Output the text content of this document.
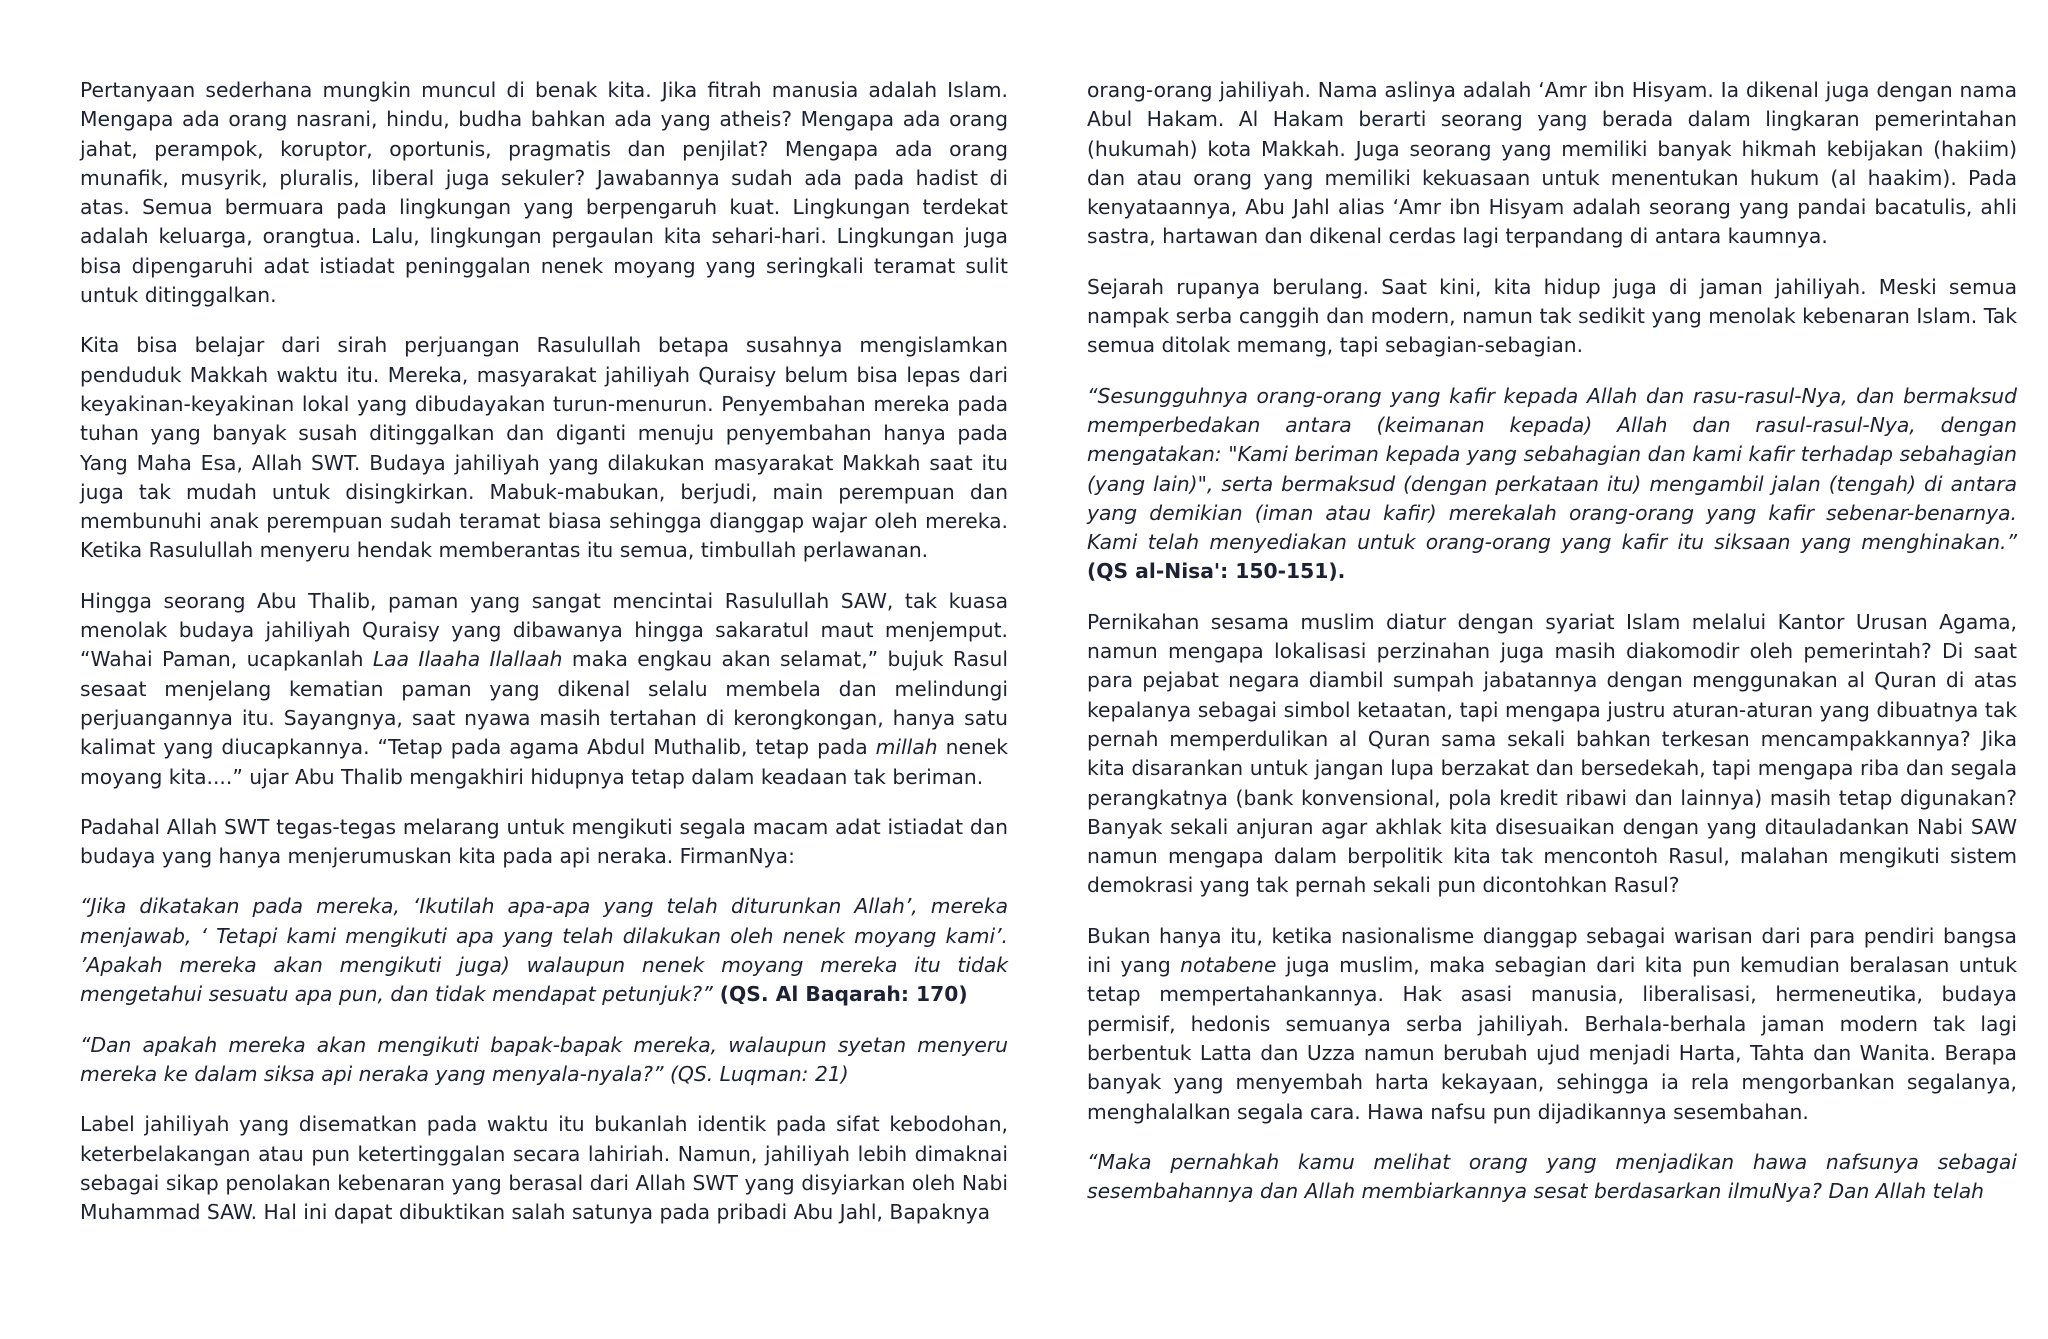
Pertanyaan sederhana mungkin muncul di benak kita. Jika fitrah manusia adalah Islam. Mengapa ada orang nasrani, hindu, budha bahkan ada yang atheis? Mengapa ada orang jahat, perampok, koruptor, oportunis, pragmatis dan penjilat? Mengapa ada orang munafik, musyrik, pluralis, liberal juga sekuler? Jawabannya sudah ada pada hadist di atas. Semua bermuara pada lingkungan yang berpengaruh kuat. Lingkungan terdekat adalah keluarga, orangtua. Lalu, lingkungan pergaulan kita sehari-hari. Lingkungan juga bisa dipengaruhi adat istiadat peninggalan nenek moyang yang seringkali teramat sulit untuk ditinggalkan.

Kita bisa belajar dari sirah perjuangan Rasulullah betapa susahnya mengislamkan penduduk Makkah waktu itu. Mereka, masyarakat jahiliyah Quraisy belum bisa lepas dari keyakinan-keyakinan lokal yang dibudayakan turun-menurun. Penyembahan mereka pada tuhan yang banyak susah ditinggalkan dan diganti menuju penyembahan hanya pada Yang Maha Esa, Allah SWT. Budaya jahiliyah yang dilakukan masyarakat Makkah saat itu juga tak mudah untuk disingkirkan. Mabuk-mabukan, berjudi, main perempuan dan membunuhi anak perempuan sudah teramat biasa sehingga dianggap wajar oleh mereka. Ketika Rasulullah menyeru hendak memberantas itu semua, timbullah perlawanan.

Hingga seorang Abu Thalib, paman yang sangat mencintai Rasulullah SAW, tak kuasa menolak budaya jahiliyah Quraisy yang dibawanya hingga sakaratul maut menjemput. “Wahai Paman, ucapkanlah Laa Ilaaha Ilallaah maka engkau akan selamat,” bujuk Rasul sesaat menjelang kematian paman yang dikenal selalu membela dan melindungi perjuangannya itu. Sayangnya, saat nyawa masih tertahan di kerongkongan, hanya satu kalimat yang diucapkannya. “Tetap pada agama Abdul Muthalib, tetap pada millah nenek moyang kita....” ujar Abu Thalib mengakhiri hidupnya tetap dalam keadaan tak beriman.

Padahal Allah SWT tegas-tegas melarang untuk mengikuti segala macam adat istiadat dan budaya yang hanya menjerumuskan kita pada api neraka. FirmanNya:

“Jika dikatakan pada mereka, ‘Ikutilah apa-apa yang telah diturunkan Allah’, mereka menjawab, ‘ Tetapi kami mengikuti apa yang telah dilakukan oleh nenek moyang kami’. ’Apakah mereka akan mengikuti juga) walaupun nenek moyang mereka itu tidak mengetahui sesuatu apa pun, dan tidak mendapat petunjuk?” (QS. Al Baqarah: 170)

“Dan apakah mereka akan mengikuti bapak-bapak mereka, walaupun syetan menyeru mereka ke dalam siksa api neraka yang menyala-nyala?” (QS. Luqman: 21)

Label jahiliyah yang disematkan pada waktu itu bukanlah identik pada sifat kebodohan, keterbelakangan atau pun ketertinggalan secara lahiriah. Namun, jahiliyah lebih dimaknai sebagai sikap penolakan kebenaran yang berasal dari Allah SWT yang disyiarkan oleh Nabi Muhammad SAW. Hal ini dapat dibuktikan salah satunya pada pribadi Abu Jahl, Bapaknya

orang-orang jahiliyah. Nama aslinya adalah ‘Amr ibn Hisyam. Ia dikenal juga dengan nama Abul Hakam. Al Hakam berarti seorang yang berada dalam lingkaran pemerintahan (hukumah) kota Makkah. Juga seorang yang memiliki banyak hikmah kebijakan (hakiim) dan atau orang yang memiliki kekuasaan untuk menentukan hukum (al haakim). Pada kenyataannya, Abu Jahl alias ‘Amr ibn Hisyam adalah seorang yang pandai bacatulis, ahli sastra, hartawan dan dikenal cerdas lagi terpandang di antara kaumnya.

Sejarah rupanya berulang. Saat kini, kita hidup juga di jaman jahiliyah. Meski semua nampak serba canggih dan modern, namun tak sedikit yang menolak kebenaran Islam. Tak semua ditolak memang, tapi sebagian-sebagian.

“Sesungguhnya orang-orang yang kafir kepada Allah dan rasu-rasul-Nya, dan bermaksud memperbedakan antara (keimanan kepada) Allah dan rasul-rasul-Nya, dengan mengatakan: "Kami beriman kepada yang sebahagian dan kami kafir terhadap sebahagian (yang lain)", serta bermaksud (dengan perkataan itu) mengambil jalan (tengah) di antara yang demikian (iman atau kafir) merekalah orang-orang yang kafir sebenar-benarnya. Kami telah menyediakan untuk orang-orang yang kafir itu siksaan yang menghinakan.” (QS al-Nisa': 150-151).

Pernikahan sesama muslim diatur dengan syariat Islam melalui Kantor Urusan Agama, namun mengapa lokalisasi perzinahan juga masih diakomodir oleh pemerintah? Di saat para pejabat negara diambil sumpah jabatannya dengan menggunakan al Quran di atas kepalanya sebagai simbol ketaatan, tapi mengapa justru aturan-aturan yang dibuatnya tak pernah memperdulikan al Quran sama sekali bahkan terkesan mencampakkannya? Jika kita disarankan untuk jangan lupa berzakat dan bersedekah, tapi mengapa riba dan segala perangkatnya (bank konvensional, pola kredit ribawi dan lainnya) masih tetap digunakan? Banyak sekali anjuran agar akhlak kita disesuaikan dengan yang ditauladankan Nabi SAW namun mengapa dalam berpolitik kita tak mencontoh Rasul, malahan mengikuti sistem demokrasi yang tak pernah sekali pun dicontohkan Rasul?

Bukan hanya itu, ketika nasionalisme dianggap sebagai warisan dari para pendiri bangsa ini yang notabene juga muslim, maka sebagian dari kita pun kemudian beralasan untuk tetap mempertahankannya. Hak asasi manusia, liberalisasi, hermeneutika, budaya permisif, hedonis semuanya serba jahiliyah. Berhala-berhala jaman modern tak lagi berbentuk Latta dan Uzza namun berubah ujud menjadi Harta, Tahta dan Wanita. Berapa banyak yang menyembah harta kekayaan, sehingga ia rela mengorbankan segalanya, menghalalkan segala cara. Hawa nafsu pun dijadikannya sesembahan.

“Maka pernahkah kamu melihat orang yang menjadikan hawa nafsunya sebagai sesembahannya dan Allah membiarkannya sesat berdasarkan ilmuNya? Dan Allah telah
